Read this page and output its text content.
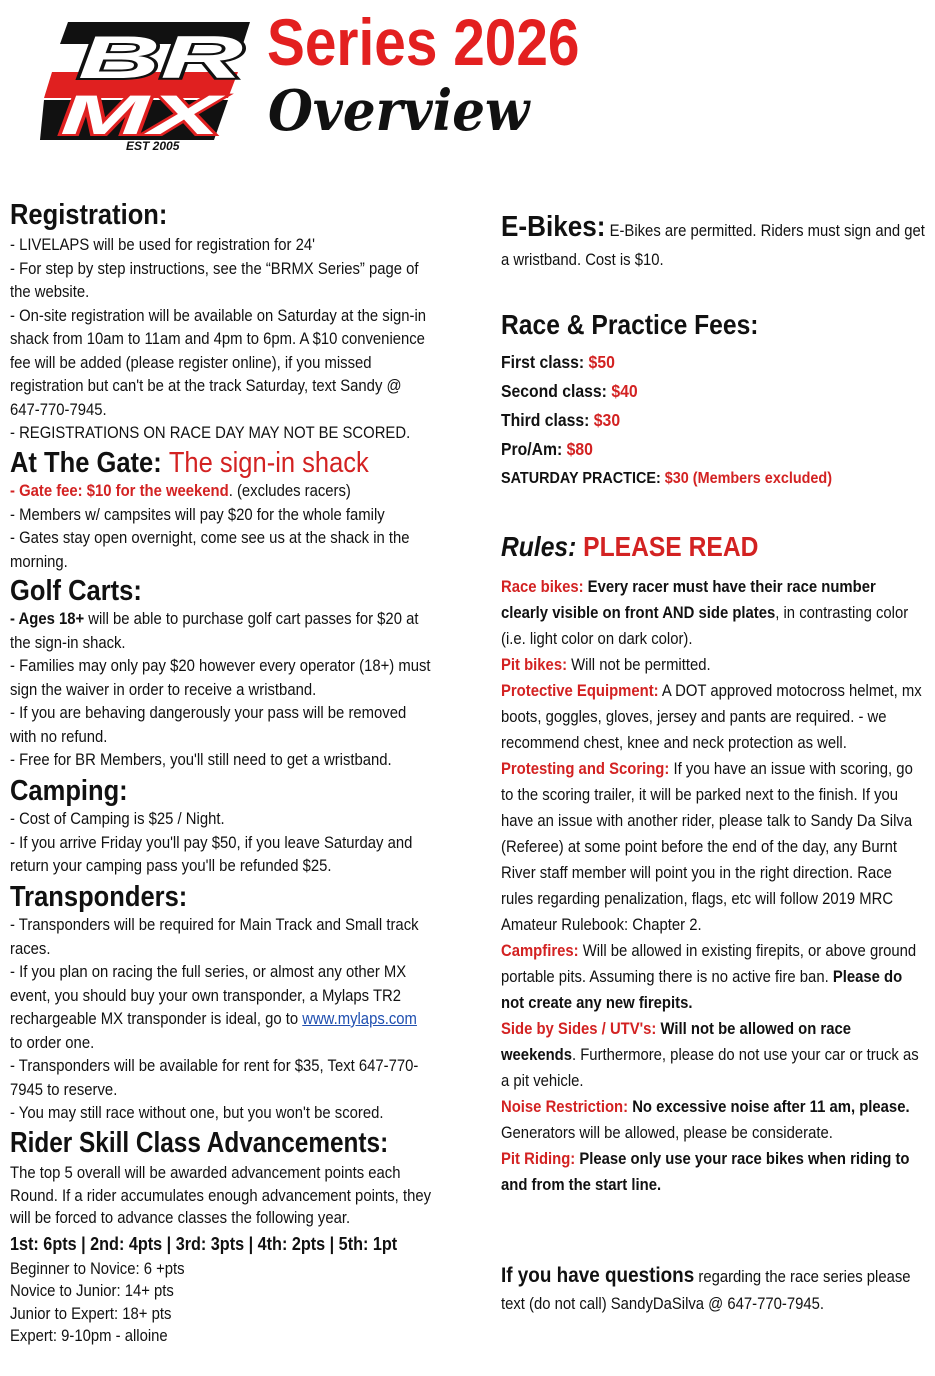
BR
MX
EST 2005
Series 2026
Overview
Registration:
- LIVELAPS will be used for registration for 24'
- For step by step instructions, see the “BRMX Series” page of the website.
- On-site registration will be available on Saturday at the sign-in shack from 10am to 11am and 4pm to 6pm. A $10 convenience fee will be added (please register online), if you missed registration but can't be at the track Saturday, text Sandy @ 647-770-7945.
- REGISTRATIONS ON RACE DAY MAY NOT BE SCORED.
At The Gate: The sign-in shack
- Gate fee: $10 for the weekend. (excludes racers)
- Members w/ campsites will pay $20 for the whole family
- Gates stay open overnight, come see us at the shack in the morning.
Golf Carts:
- Ages 18+ will be able to purchase golf cart passes for $20 at the sign-in shack.
- Families may only pay $20 however every operator (18+) must sign the waiver in order to receive a wristband.
- If you are behaving dangerously your pass will be removed with no refund.
- Free for BR Members, you'll still need to get a wristband.
Camping:
- Cost of Camping is $25 / Night.
- If you arrive Friday you'll pay $50, if you leave Saturday and return your camping pass you'll be refunded $25.
Transponders:
- Transponders will be required for Main Track and Small track races.
- If you plan on racing the full series, or almost any other MX event, you should buy your own transponder, a Mylaps TR2 rechargeable MX transponder is ideal, go to www.mylaps.com to order one.
- Transponders will be available for rent for $35, Text 647-770-7945 to reserve.
- You may still race without one, but you won't be scored.
Rider Skill Class Advancements:
The top 5 overall will be awarded advancement points each Round. If a rider accumulates enough advancement points, they will be forced to advance classes the following year.
1st: 6pts | 2nd: 4pts | 3rd: 3pts | 4th: 2pts | 5th: 1pt
Beginner to Novice: 6 +pts
Novice to Junior: 14+ pts
Junior to Expert: 18+ pts
Expert: 9-10pm - alloine
E-Bikes: E-Bikes are permitted. Riders must sign and get a wristband. Cost is $10.
Race & Practice Fees:
First class: $50
Second class: $40
Third class: $30
Pro/Am: $80
SATURDAY PRACTICE: $30 (Members excluded)
Rules: PLEASE READ
Race bikes: Every racer must have their race number clearly visible on front AND side plates, in contrasting color (i.e. light color on dark color).
Pit bikes: Will not be permitted.
Protective Equipment: A DOT approved motocross helmet, mx boots, goggles, gloves, jersey and pants are required. - we recommend chest, knee and neck protection as well.
Protesting and Scoring: If you have an issue with scoring, go to the scoring trailer, it will be parked next to the finish. If you have an issue with another rider, please talk to Sandy Da Silva (Referee) at some point before the end of the day, any Burnt River staff member will point you in the right direction. Race rules regarding penalization, flags, etc will follow 2019 MRC Amateur Rulebook: Chapter 2.
Campfires: Will be allowed in existing firepits, or above ground portable pits. Assuming there is no active fire ban. Please do not create any new firepits.
Side by Sides / UTV's: Will not be allowed on race weekends. Furthermore, please do not use your car or truck as a pit vehicle.
Noise Restriction: No excessive noise after 11 am, please. Generators will be allowed, please be considerate.
Pit Riding: Please only use your race bikes when riding to and from the start line.
If you have questions regarding the race series please text (do not call) SandyDaSilva @ 647-770-7945.
